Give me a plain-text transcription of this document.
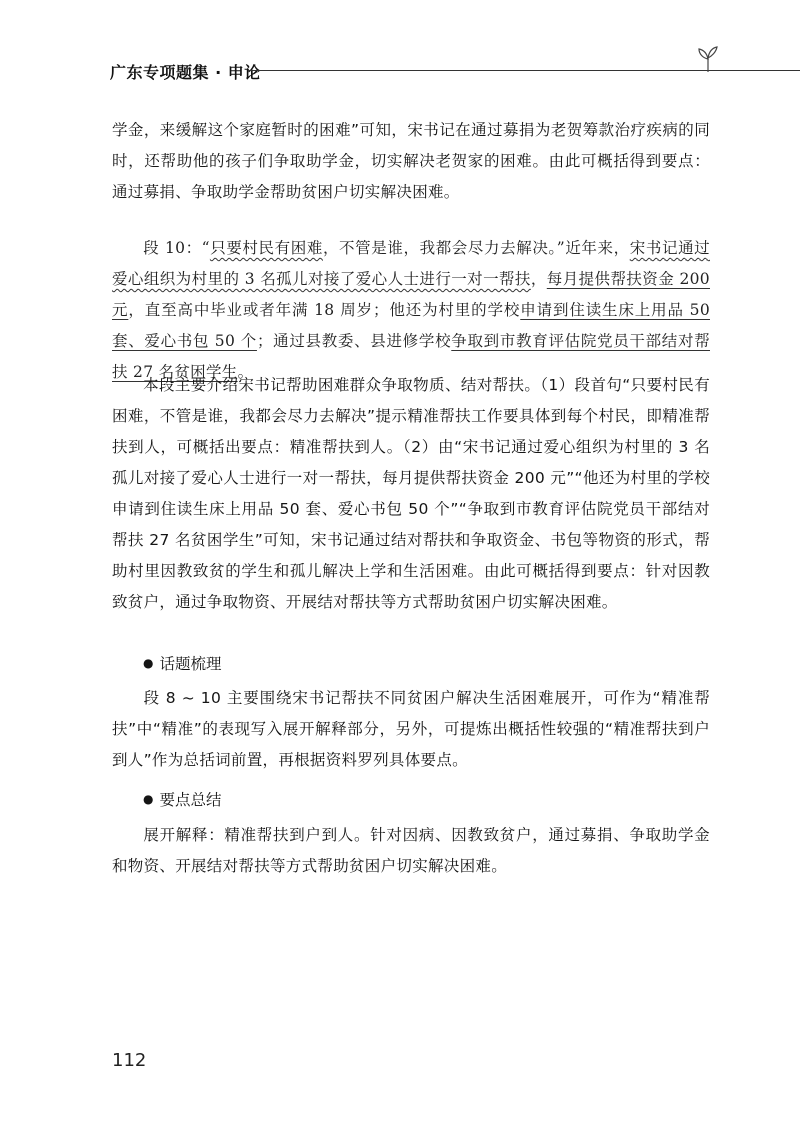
广东专项题集 · 申论

学金，来缓解这个家庭暂时的困难”可知，宋书记在通过募捐为老贺筹款治疗疾病的同时，还帮助他的孩子们争取助学金，切实解决老贺家的困难。由此可概括得到要点：通过募捐、争取助学金帮助贫困户切实解决困难。

段 10：“只要村民有困难，不管是谁，我都会尽力去解决。”近年来，宋书记通过爱心组织为村里的 3 名孤儿对接了爱心人士进行一对一帮扶，每月提供帮扶资金 200 元，直至高中毕业或者年满 18 周岁；他还为村里的学校申请到住读生床上用品 50 套、爱心书包 50 个；通过县教委、县进修学校争取到市教育评估院党员干部结对帮扶 27 名贫困学生。

本段主要介绍宋书记帮助困难群众争取物质、结对帮扶。（1）段首句“只要村民有困难，不管是谁，我都会尽力去解决”提示精准帮扶工作要具体到每个村民，即精准帮扶到人，可概括出要点：精准帮扶到人。（2）由“宋书记通过爱心组织为村里的 3 名孤儿对接了爱心人士进行一对一帮扶，每月提供帮扶资金 200 元”“他还为村里的学校申请到住读生床上用品 50 套、爱心书包 50 个”“争取到市教育评估院党员干部结对帮扶 27 名贫困学生”可知，宋书记通过结对帮扶和争取资金、书包等物资的形式，帮助村里因教致贫的学生和孤儿解决上学和生活困难。由此可概括得到要点：针对因教致贫户，通过争取物资、开展结对帮扶等方式帮助贫困户切实解决困难。

● 话题梳理

段 8 ~ 10 主要围绕宋书记帮扶不同贫困户解决生活困难展开，可作为“精准帮扶”中“精准”的表现写入展开解释部分，另外，可提炼出概括性较强的“精准帮扶到户到人”作为总括词前置，再根据资料罗列具体要点。

● 要点总结

展开解释：精准帮扶到户到人。针对因病、因教致贫户，通过募捐、争取助学金和物资、开展结对帮扶等方式帮助贫困户切实解决困难。

112
